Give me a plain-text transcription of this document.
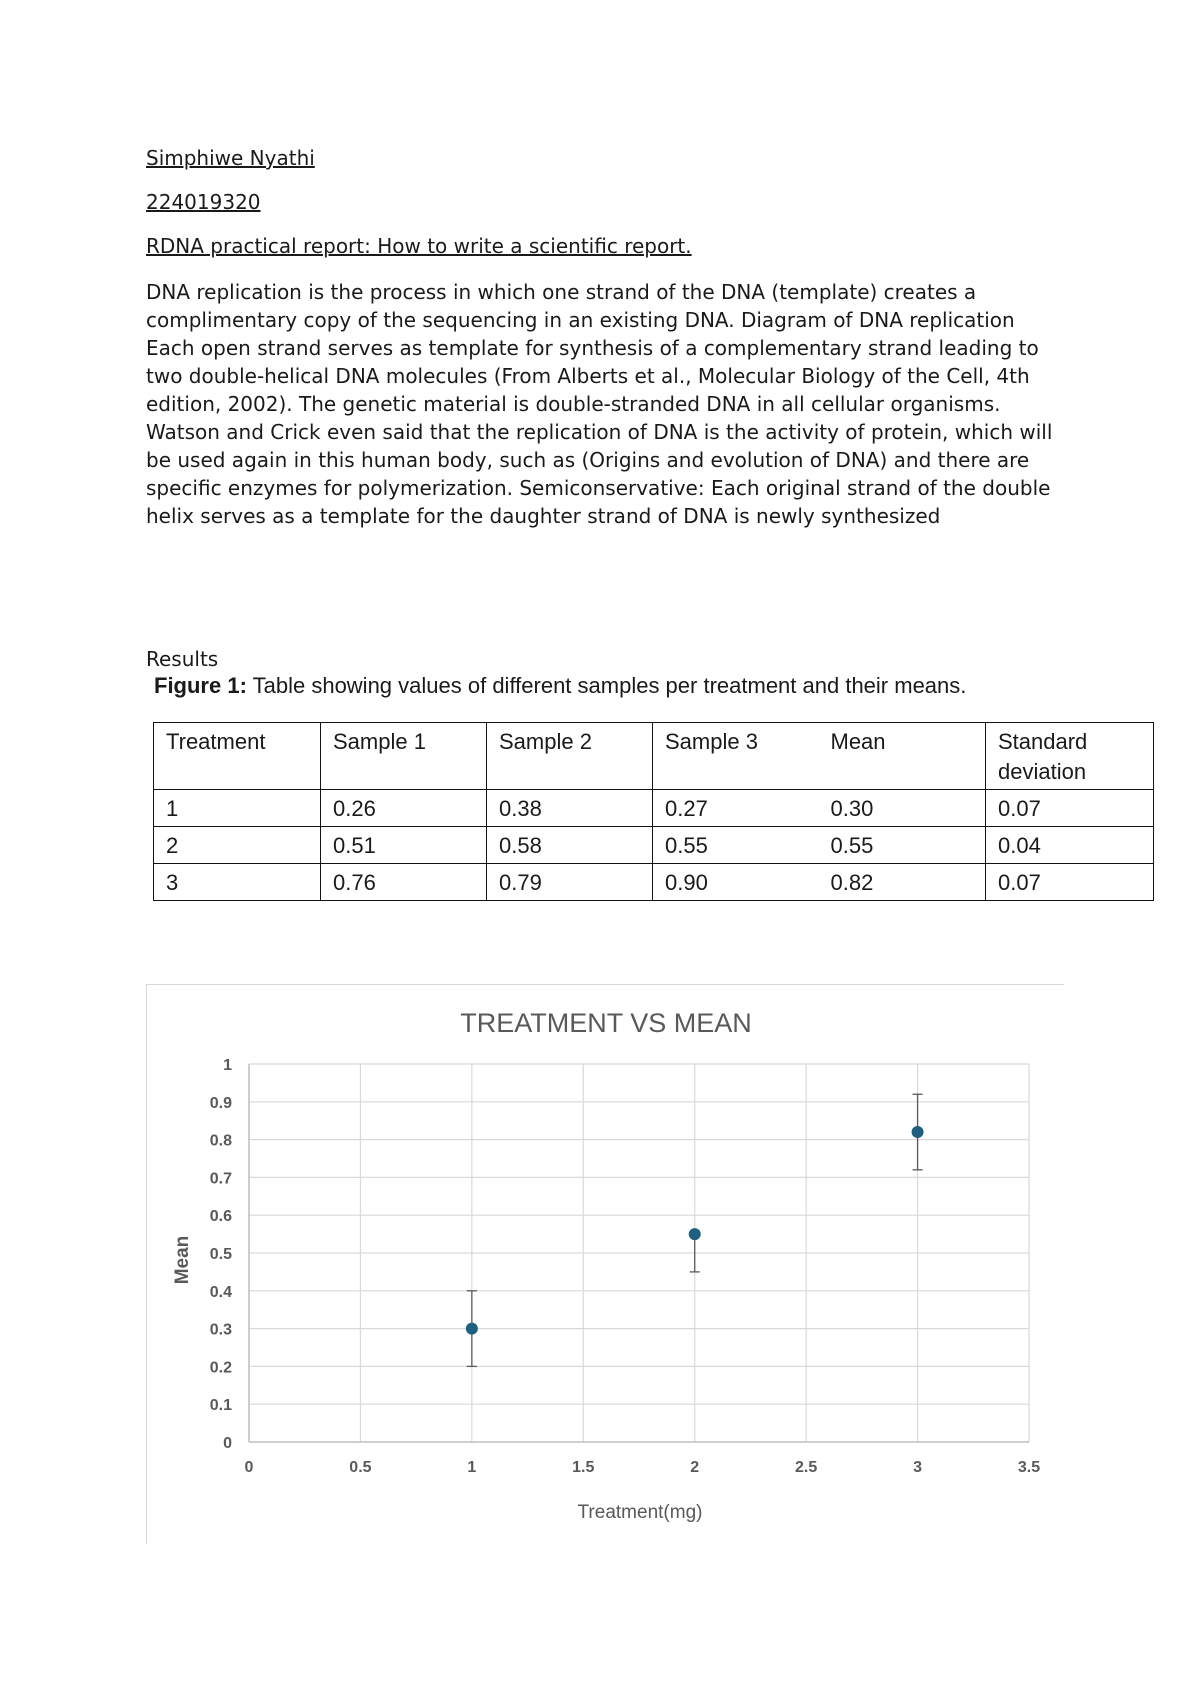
Simphiwe Nyathi

224019320

RDNA practical report: How to write a scientific report.

DNA replication is the process in which one strand of the DNA (template) creates a complimentary copy of the sequencing in an existing DNA. Diagram of DNA replication Each open strand serves as template for synthesis of a complementary strand leading to two double-helical DNA molecules (From Alberts et al., Molecular Biology of the Cell, 4th edition, 2002). The genetic material is double-stranded DNA in all cellular organisms. Watson and Crick even said that the replication of DNA is the activity of protein, which will be used again in this human body, such as (Origins and evolution of DNA) and there are specific enzymes for polymerization. Semiconservative: Each original strand of the double helix serves as a template for the daughter strand of DNA is newly synthesized

Results

Figure 1: Table showing values of different samples per treatment and their means.

Treatment	Sample 1	Sample 2	Sample 3	Mean	Standard deviation
1	0.26	0.38	0.27	0.30	0.07
2	0.51	0.58	0.55	0.55	0.04
3	0.76	0.79	0.90	0.82	0.07
TREATMENT VS MEAN
0
0.1
0.2
0.3
0.4
0.5
0.6
0.7
0.8
0.9
1
0	0.5	1	1.5	2	2.5	3	3.5
Treatment(mg)
Mean
